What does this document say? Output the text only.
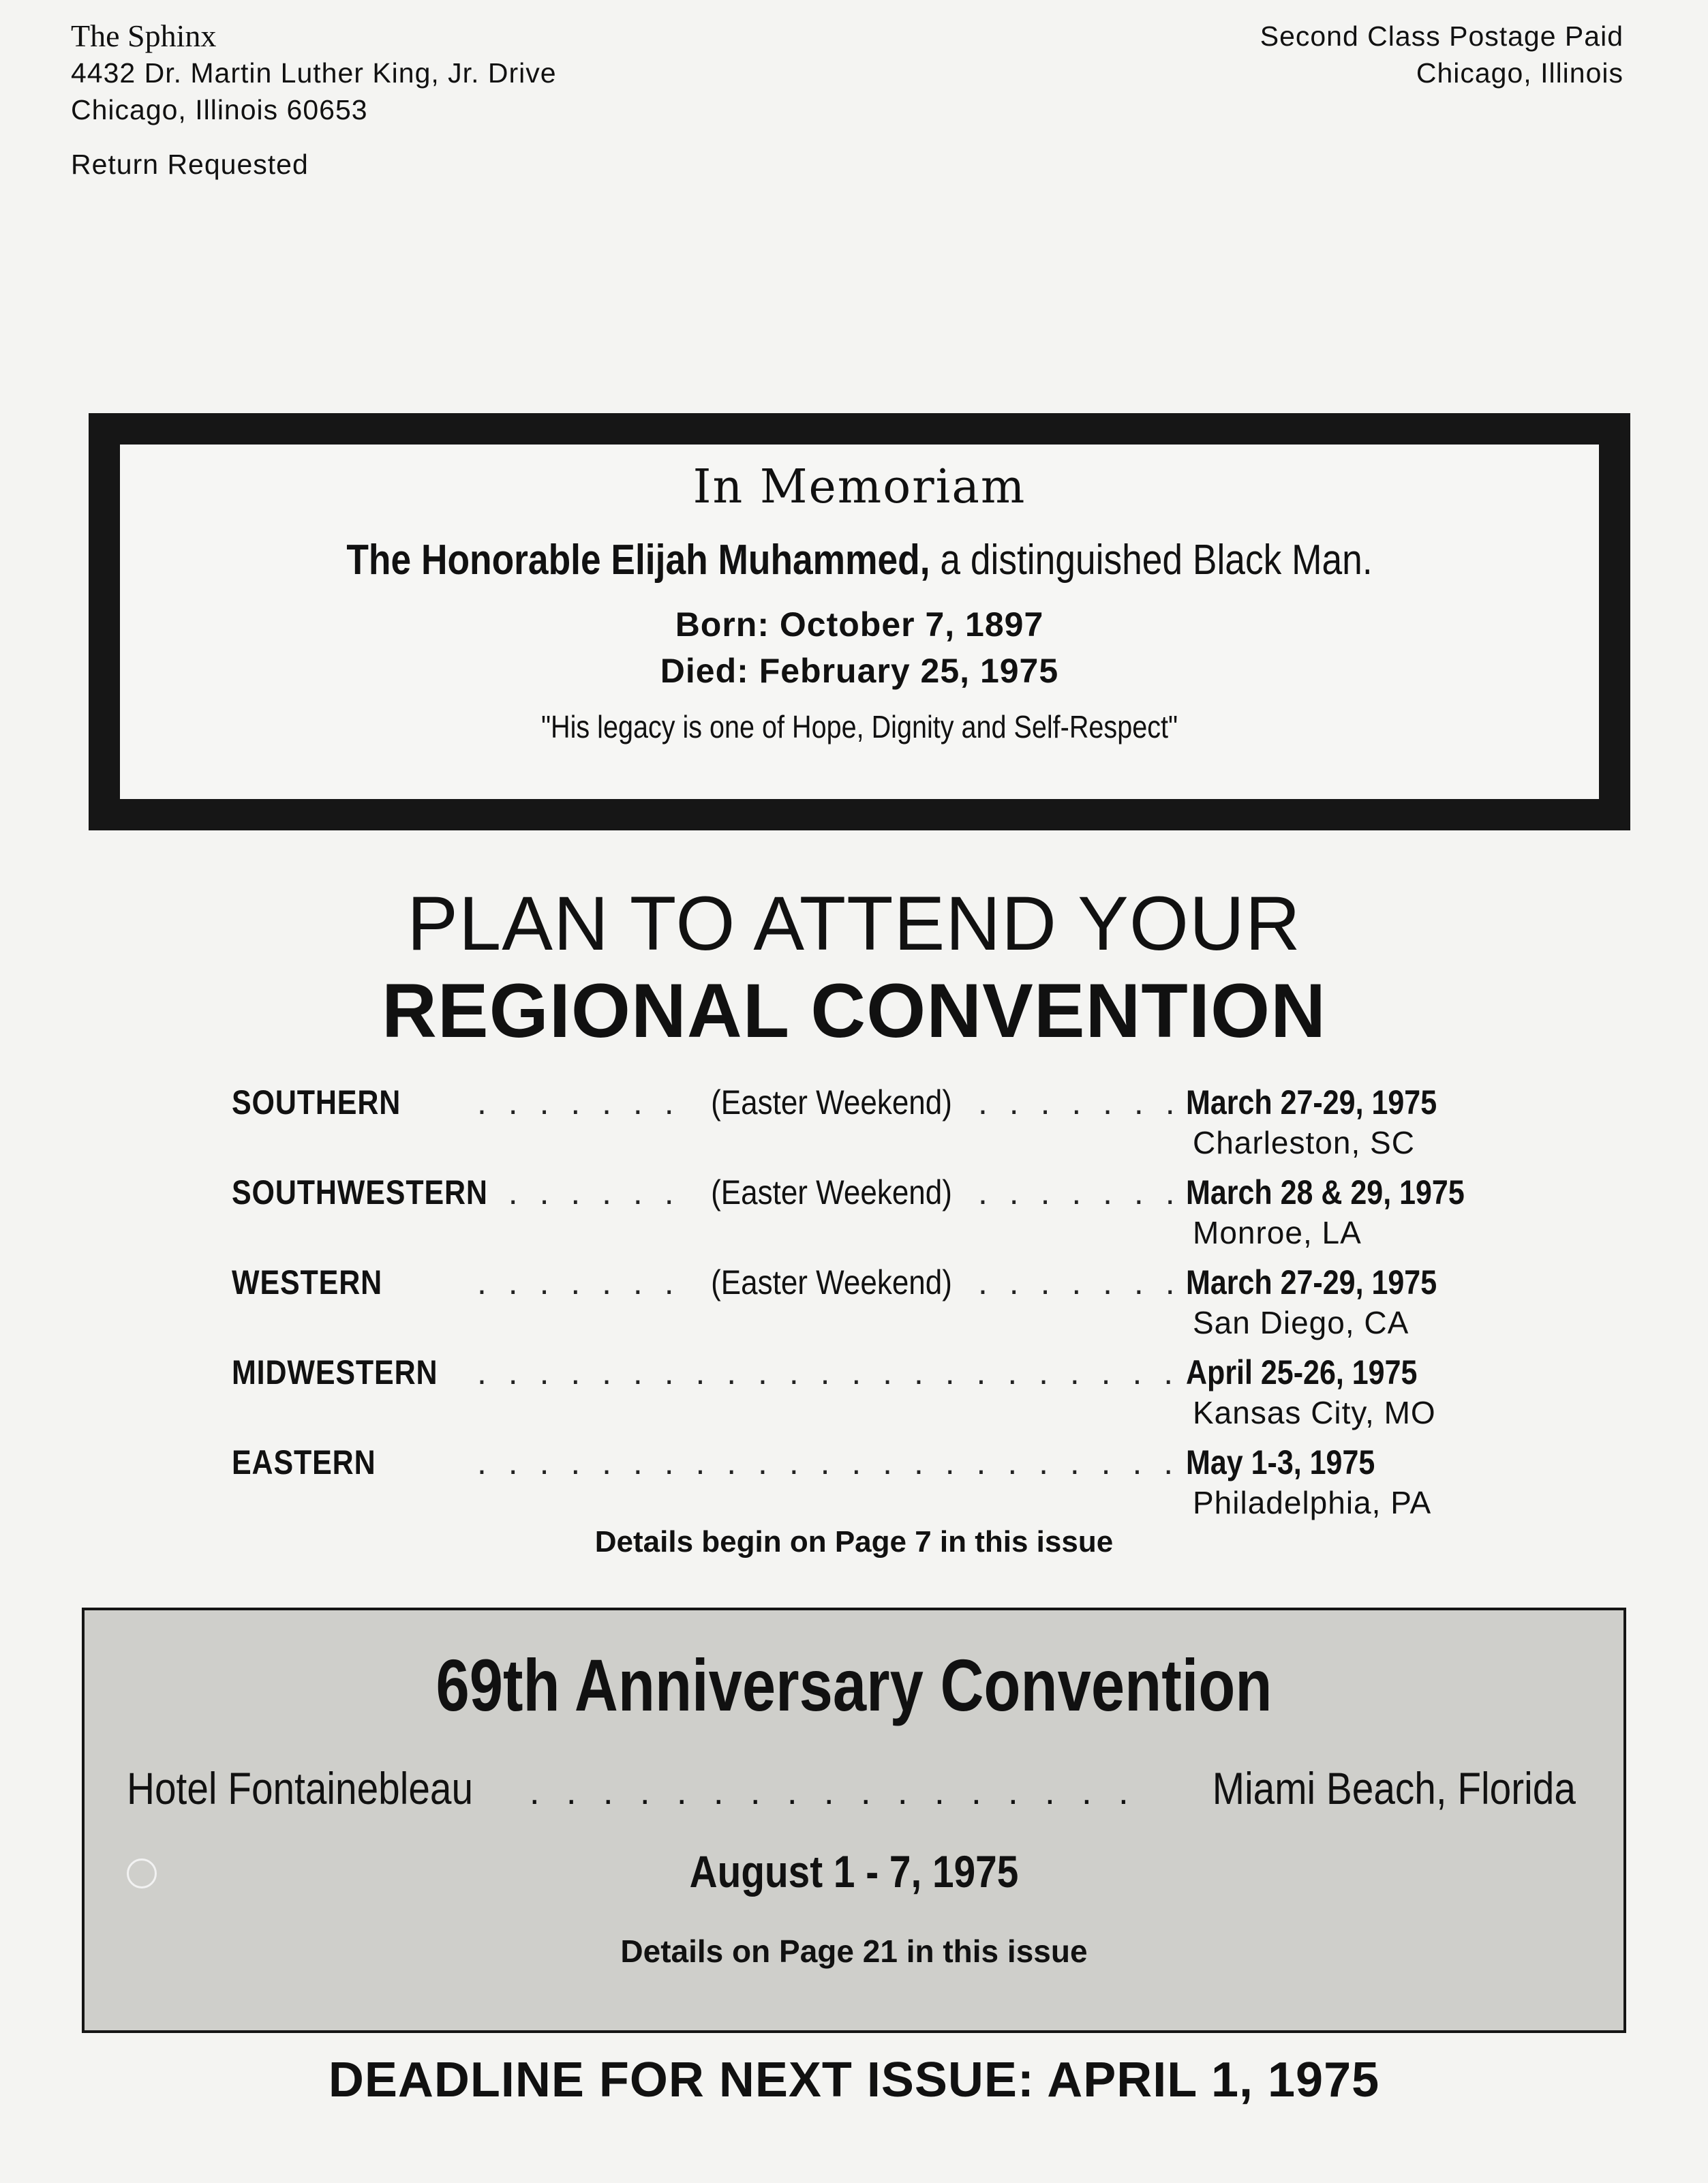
The Sphinx
4432 Dr. Martin Luther King, Jr. Drive
Chicago, Illinois 60653
Return Requested
Second Class Postage Paid
Chicago, Illinois
In Memoriam
The Honorable Elijah Muhammed, a distinguished Black Man.
Born: October 7, 1897
Died: February 25, 1975
"His legacy is one of Hope, Dignity and Self-Respect"
PLAN TO ATTEND YOUR
REGIONAL CONVENTION
SOUTHERN . . .	(Easter Weekend) . . .	March 27-29, 1975
Charleston, SC
SOUTHWESTERN . . .	(Easter Weekend) . . .	March 28 & 29, 1975
Monroe, LA
WESTERN . . .	(Easter Weekend) . . .	March 27-29, 1975
San Diego, CA
MIDWESTERN . . .	April 25-26, 1975
Kansas City, MO
EASTERN . . .	May 1-3, 1975
Philadelphia, PA
Details begin on Page 7 in this issue
69th Anniversary Convention
Hotel Fontainebleau . . .	Miami Beach, Florida
August 1 - 7, 1975
Details on Page 21 in this issue
DEADLINE FOR NEXT ISSUE: APRIL 1, 1975
